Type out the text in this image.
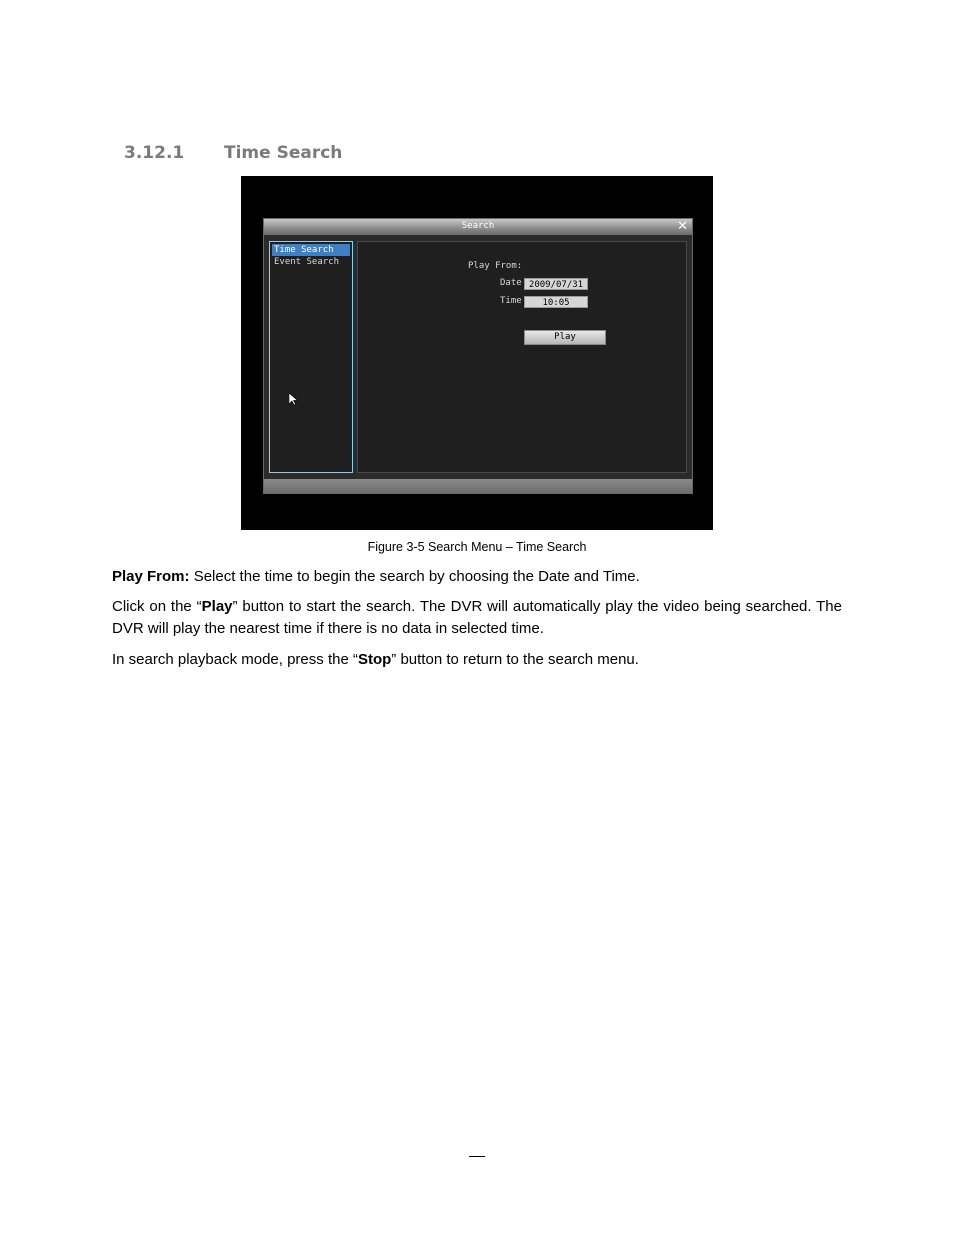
3.12.1 Time Search
Search	✕
Time Search
Event Search	Play From:
Date 2009/07/31
Time	10:05
Play
Figure 3-5 Search Menu – Time Search
Play From: Select the time to begin the search by choosing the Date and Time.
Click on the “Play” button to start the search. The DVR will automatically play the video being searched. The DVR will play the nearest time if there is no data in selected time.
In search playback mode, press the “Stop” button to return to the search menu.
